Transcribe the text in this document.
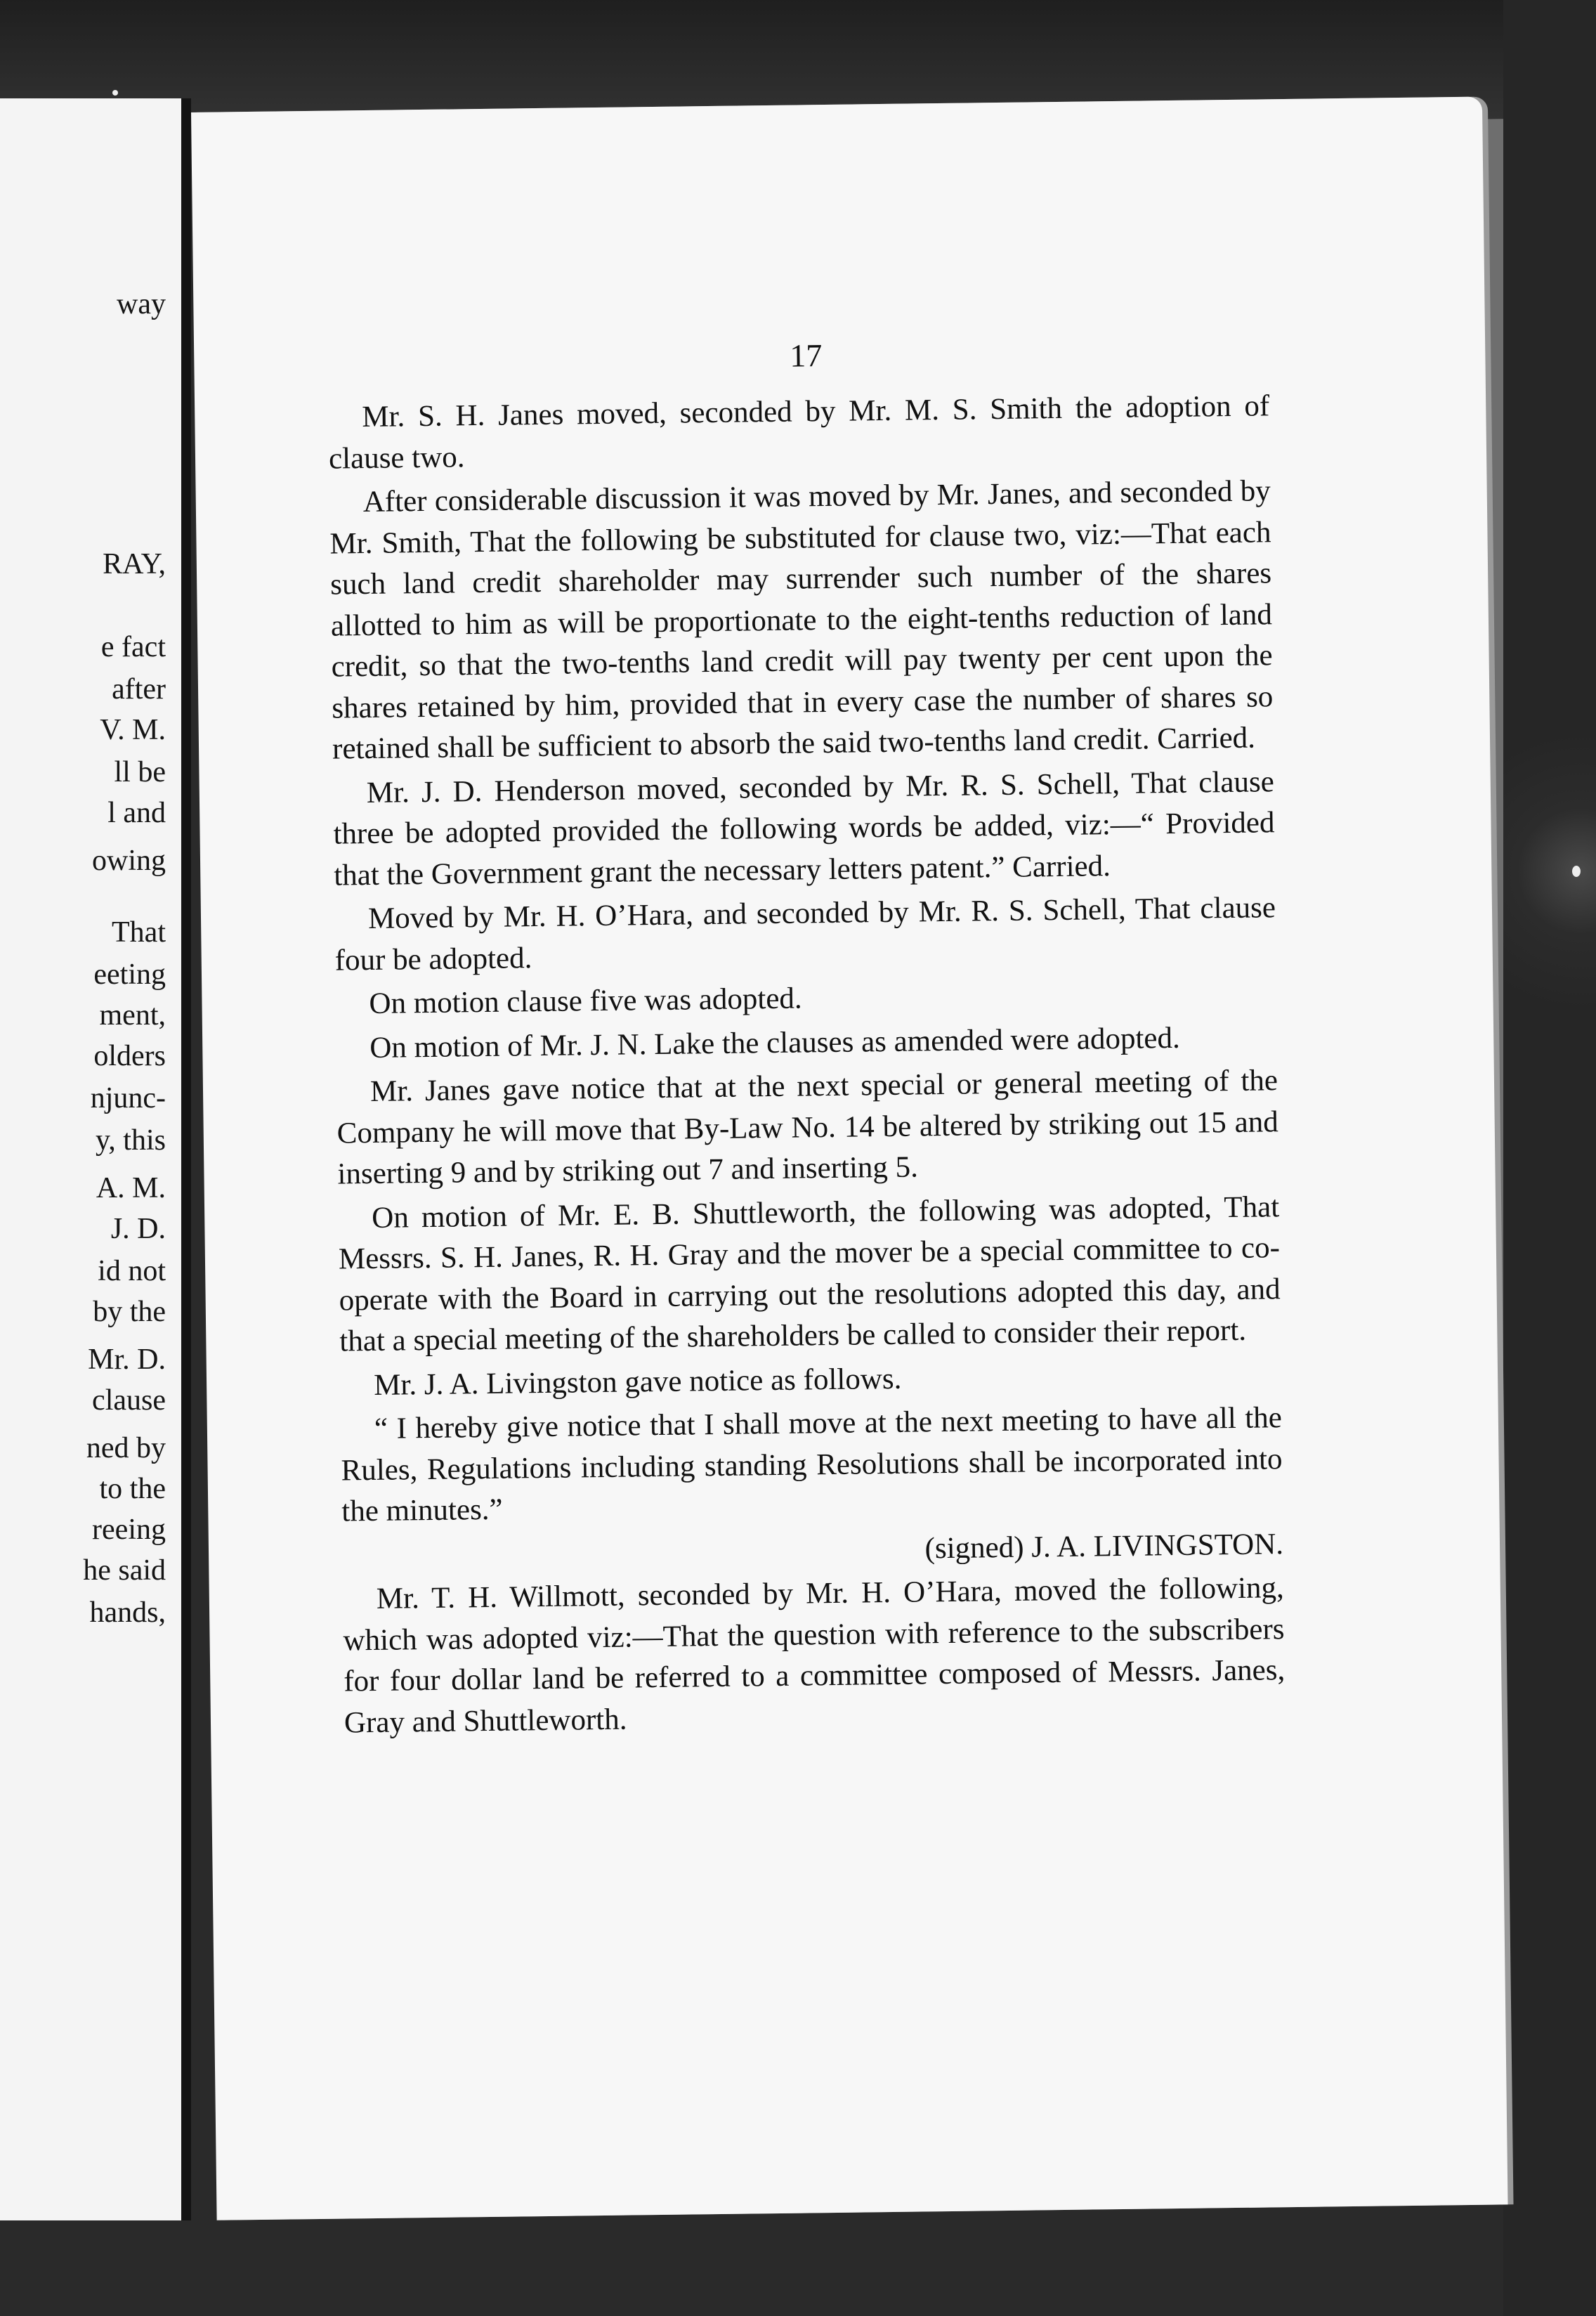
way
RAY,
e fact
after
V. M.
ll be
l and
owing
That
eeting
ment,
olders
njunc-
y, this
A. M.
J. D.
id not
by the
Mr. D.
clause
ned by
to the
reeing
he said
hands,
17

Mr. S. H. Janes moved, seconded by Mr. M. S. Smith the adoption of clause two.

After considerable discussion it was moved by Mr. Janes, and seconded by Mr. Smith, That the following be substituted for clause two, viz:—That each such land credit shareholder may surrender such number of the shares allotted to him as will be proportionate to the eight-tenths reduction of land credit, so that the two-tenths land credit will pay twenty per cent upon the shares retained by him, provided that in every case the number of shares so retained shall be sufficient to absorb the said two-tenths land credit. Carried.

Mr. J. D. Henderson moved, seconded by Mr. R. S. Schell, That clause three be adopted provided the following words be added, viz:—“ Provided that the Government grant the necessary letters patent.” Carried.

Moved by Mr. H. O’Hara, and seconded by Mr. R. S. Schell, That clause four be adopted.

On motion clause five was adopted.

On motion of Mr. J. N. Lake the clauses as amended were adopted.

Mr. Janes gave notice that at the next special or general meeting of the Company he will move that By-Law No. 14 be altered by striking out 15 and inserting 9 and by striking out 7 and inserting 5.

On motion of Mr. E. B. Shuttleworth, the following was adopted, That Messrs. S. H. Janes, R. H. Gray and the mover be a special committee to co-operate with the Board in carrying out the resolutions adopted this day, and that a special meeting of the shareholders be called to consider their report.

Mr. J. A. Livingston gave notice as follows.

“ I hereby give notice that I shall move at the next meeting to have all the Rules, Regulations including standing Resolutions shall be incorporated into the minutes.”

(signed) J. A. LIVINGSTON.

Mr. T. H. Willmott, seconded by Mr. H. O’Hara, moved the following, which was adopted viz:—That the question with reference to the subscribers for four dollar land be referred to a committee composed of Messrs. Janes, Gray and Shuttleworth.
